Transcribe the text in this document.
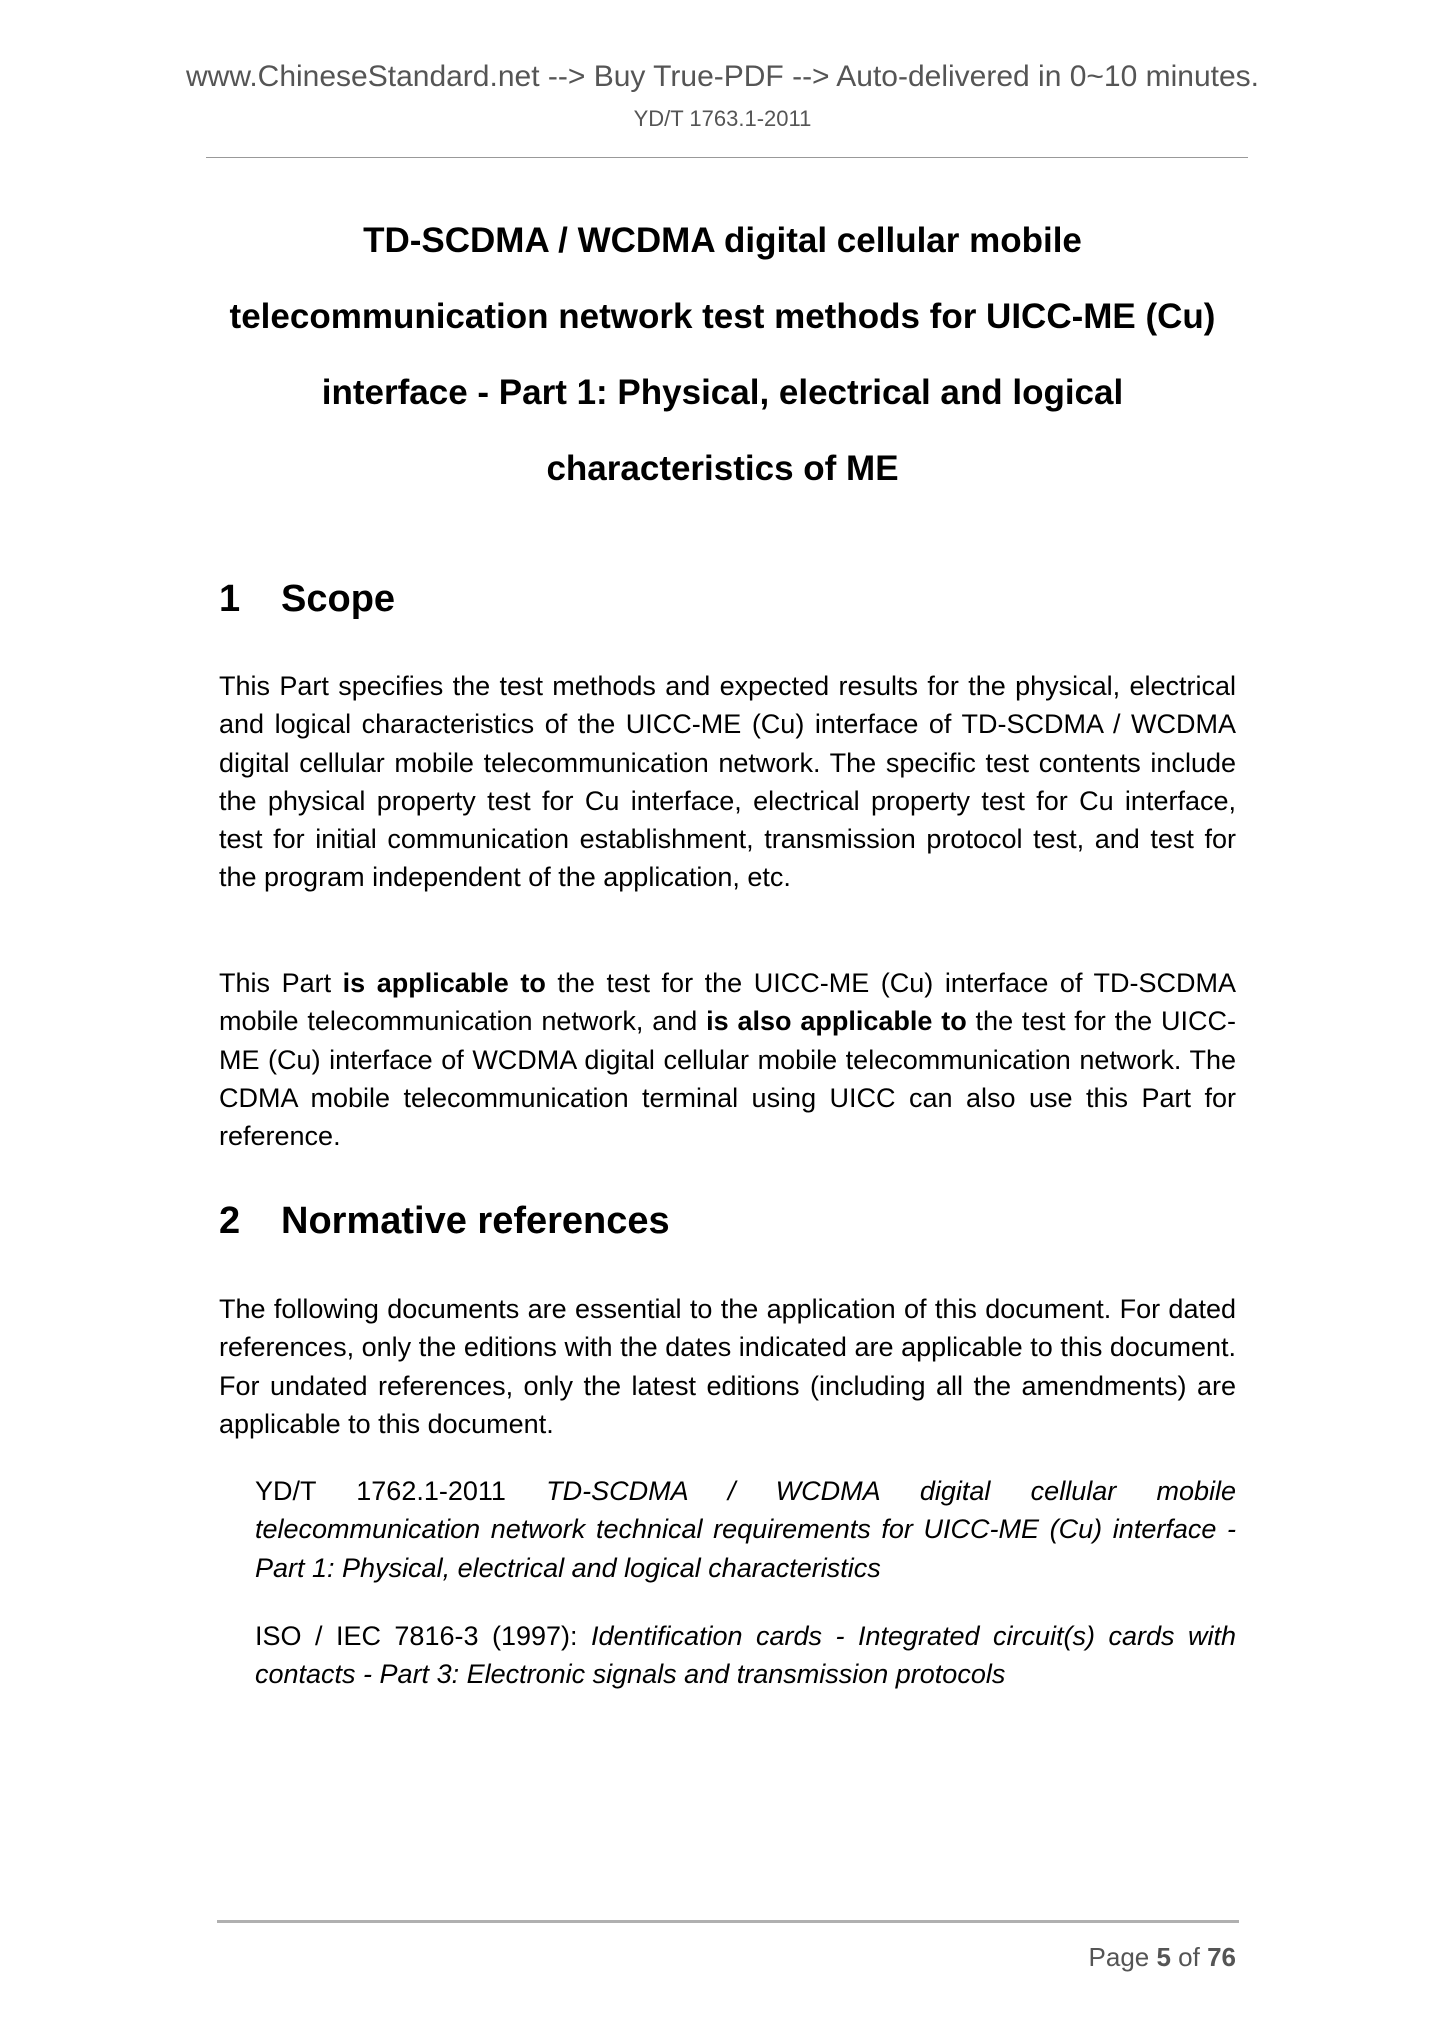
www.ChineseStandard.net --> Buy True-PDF --> Auto-delivered in 0~10 minutes.
YD/T 1763.1-2011
TD-SCDMA / WCDMA digital cellular mobile telecommunication network test methods for UICC-ME (Cu) interface - Part 1: Physical, electrical and logical characteristics of ME
1 Scope

This Part specifies the test methods and expected results for the physical, electrical and logical characteristics of the UICC-ME (Cu) interface of TD-SCDMA / WCDMA digital cellular mobile telecommunication network. The specific test contents include the physical property test for Cu interface, electrical property test for Cu interface, test for initial communication establishment, transmission protocol test, and test for the program independent of the application, etc.

This Part is applicable to the test for the UICC-ME (Cu) interface of TD-SCDMA mobile telecommunication network, and is also applicable to the test for the UICC-ME (Cu) interface of WCDMA digital cellular mobile telecommunication network. The CDMA mobile telecommunication terminal using UICC can also use this Part for reference.

2 Normative references

The following documents are essential to the application of this document. For dated references, only the editions with the dates indicated are applicable to this document. For undated references, only the latest editions (including all the amendments) are applicable to this document.

YD/T 1762.1-2011 TD-SCDMA / WCDMA digital cellular mobile telecommunication network technical requirements for UICC-ME (Cu) interface - Part 1: Physical, electrical and logical characteristics

ISO / IEC 7816-3 (1997): Identification cards - Integrated circuit(s) cards with contacts - Part 3: Electronic signals and transmission protocols

Page 5 of 76
